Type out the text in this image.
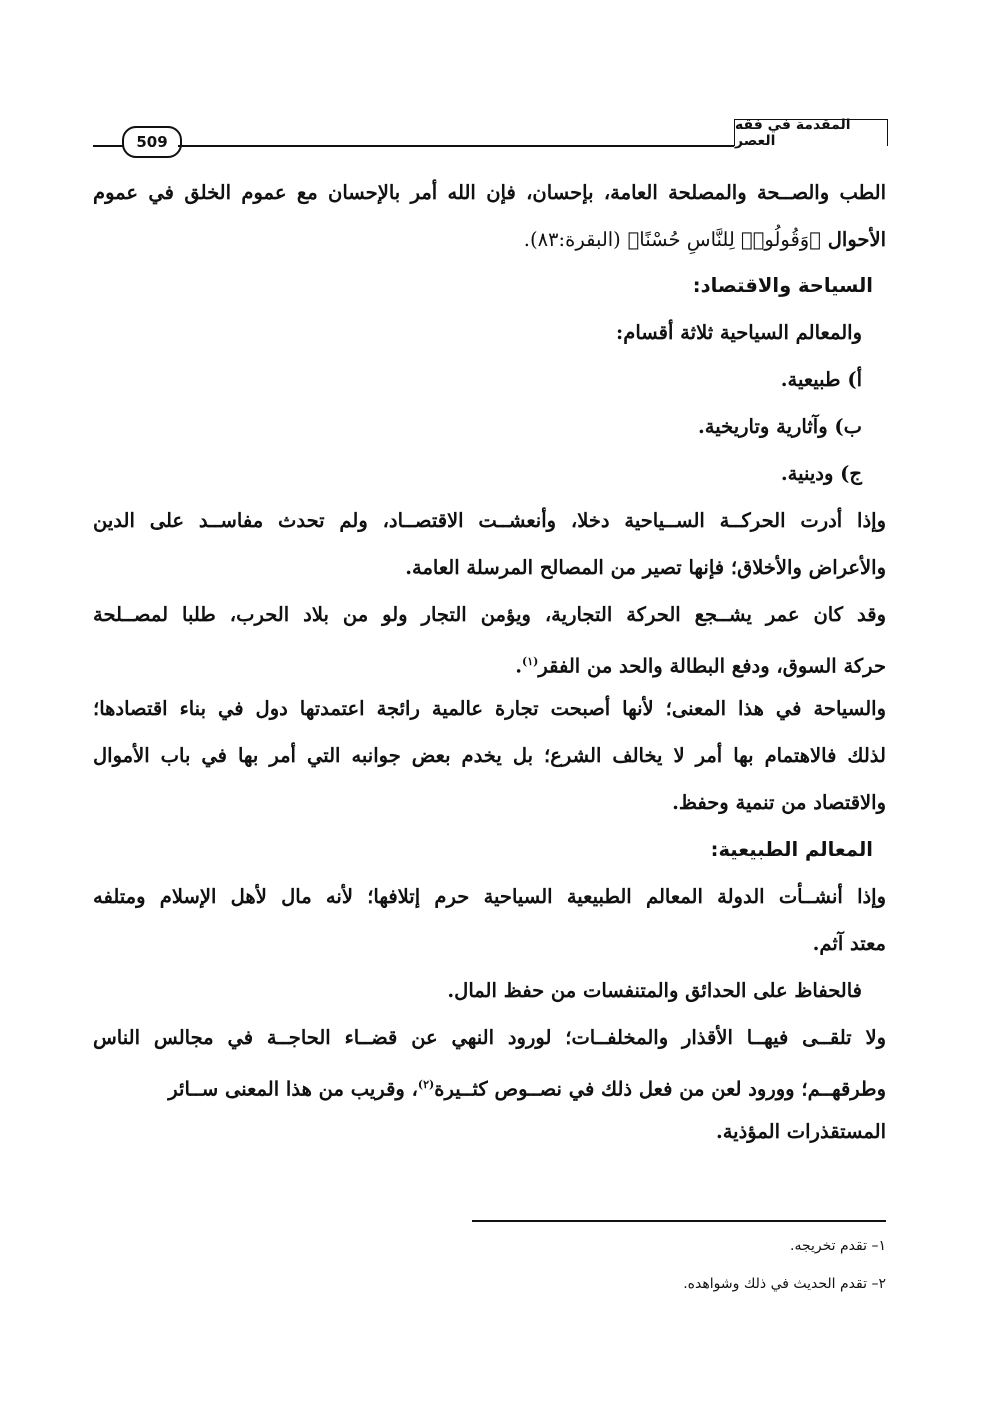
509
المقدمة في فقه العصر
الطب والصــحة والمصلحة العامة، بإحسان، فإن الله أمر بالإحسان مع عموم الخلق في عموم
الأحوال ﴿وَقُولُوا۟ لِلنَّاسِ حُسْنًا﴾ (البقرة:٨٣).
السياحة والاقتصاد:
والمعالم السياحية ثلاثة أقسام:
أ) طبيعية.
ب) وآثارية وتاريخية.
ج) ودينية.
وإذا أدرت الحركــة الســياحية دخلا، وأنعشــت الاقتصــاد، ولم تحدث مفاســد على الدين
والأعراض والأخلاق؛ فإنها تصير من المصالح المرسلة العامة.
وقد كان عمر يشــجع الحركة التجارية، ويؤمن التجار ولو من بلاد الحرب، طلبا لمصــلحة
حركة السوق، ودفع البطالة والحد من الفقر$^{(١)}$.
والسياحة في هذا المعنى؛ لأنها أصبحت تجارة عالمية رائجة اعتمدتها دول في بناء اقتصادها؛
لذلك فالاهتمام بها أمر لا يخالف الشرع؛ بل يخدم بعض جوانبه التي أمر بها في باب الأموال
والاقتصاد من تنمية وحفظ.
المعالم الطبيعية:
وإذا أنشــأت الدولة المعالم الطبيعية السياحية حرم إتلافها؛ لأنه مال لأهل الإسلام ومتلفه
معتد آثم.
فالحفاظ على الحدائق والمتنفسات من حفظ المال.
ولا تلقــى فيهــا الأقذار والمخلفــات؛ لورود النهي عن قضــاء الحاجــة في مجالس الناس
وطرقهــم؛ وورود لعن من فعل ذلك في نصــوص كثــيرة$^{(٢)}$، وقريب من هذا المعنى ســائر
المستقذرات المؤذية.
١– تقدم تخريجه.
٢– تقدم الحديث في ذلك وشواهده.
